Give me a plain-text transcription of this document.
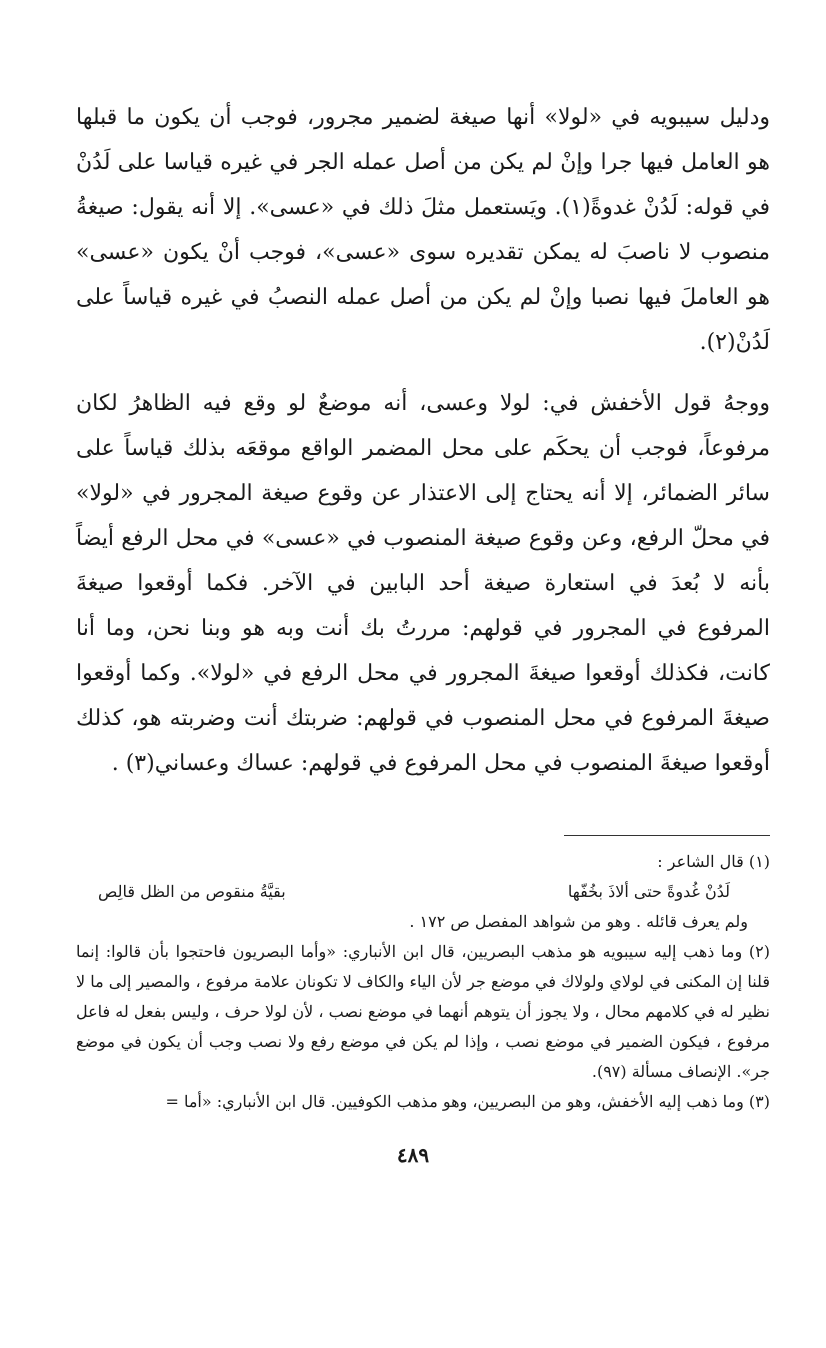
ودليل سيبويه في «لولا» أنها صيغة لضمير مجرور، فوجب أن يكون ما قبلها هو العامل فيها جرا وإنْ لم يكن من أصل عمله الجر في غيره قياسا على لَدُنْ في قوله: لَدُنْ غدوةً(١). ويَستعمل مثلَ ذلك في «عسى». إلا أنه يقول: صيغةُ منصوب لا ناصبَ له يمكن تقديره سوى «عسى»، فوجب أنْ يكون «عسى» هو العاملَ فيها نصبا وإنْ لم يكن من أصل عمله النصبُ في غيره قياساً على لَدُنْ(٢).

ووجهُ قول الأخفش في: لولا وعسى، أنه موضعٌ لو وقع فيه الظاهرُ لكان مرفوعاً، فوجب أن يحكَم على محل المضمر الواقع موقعَه بذلك قياساً على سائر الضمائر، إلا أنه يحتاج إلى الاعتذار عن وقوع صيغة المجرور في «لولا» في محلّ الرفع، وعن وقوع صيغة المنصوب في «عسى» في محل الرفع أيضاً بأنه لا بُعدَ في استعارة صيغة أحد البابين في الآخر. فكما أوقعوا صيغةَ المرفوع في المجرور في قولهم: مررتُ بك أنت وبه هو وبنا نحن، وما أنا كانت، فكذلك أوقعوا صيغةَ المجرور في محل الرفع في «لولا». وكما أوقعوا صيغةَ المرفوع في محل المنصوب في قولهم: ضربتك أنت وضربته هو، كذلك أوقعوا صيغةَ المنصوب في محل المرفوع في قولهم: عساك وعساني(٣) .

(١) قال الشاعر :

لَدُنْ غُدوةً حتى ألاذَ بخُفّها
بقيَّةُ منقوص من الظل قالِص

ولم يعرف قائله . وهو من شواهد المفصل ص ١٧٢ .

(٢) وما ذهب إليه سيبويه هو مذهب البصريين، قال ابن الأنباري: «وأما البصريون فاحتجوا بأن قالوا: إنما قلنا إن المكنى في لولاي ولولاك في موضع جر لأن الياء والكاف لا تكونان علامة مرفوع ، والمصير إلى ما لا نظير له في كلامهم محال ، ولا يجوز أن يتوهم أنهما في موضع نصب ، لأن لولا حرف ، وليس بفعل له فاعل مرفوع ، فيكون الضمير في موضع نصب ، وإذا لم يكن في موضع رفع ولا نصب وجب أن يكون في موضع جر». الإنصاف مسألة (٩٧).

(٣) وما ذهب إليه الأخفش، وهو من البصريين، وهو مذهب الكوفيين. قال ابن الأنباري: «أما =

٤٨٩
